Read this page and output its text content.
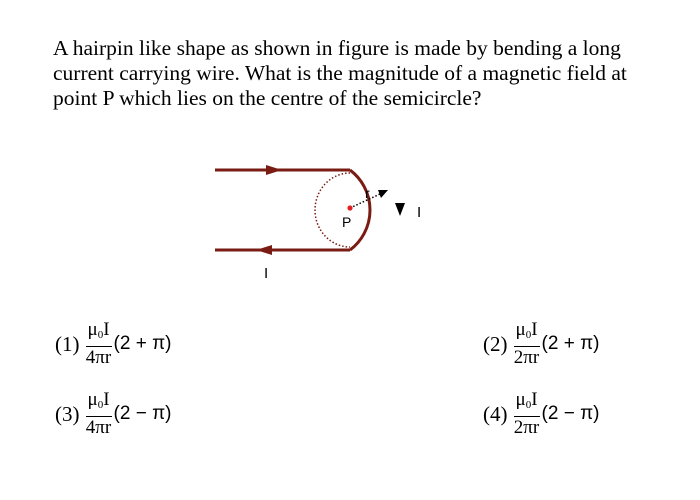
A hairpin like shape as shown in figure is made by bending a long current carrying wire. What is the magnitude of a magnetic field at point P which lies on the centre of the semicircle?

P
r
I
I
$(1) \frac{\mu_0I}{4\pi r} (2 + \pi)$	$(2) \frac{\mu_0I}{2\pi r} (2 + \pi)$
$(3) \frac{\mu_0I}{4\pi r} (2 - \pi)$	$(4) \frac{\mu_0I}{2\pi r} (2 - \pi)$
